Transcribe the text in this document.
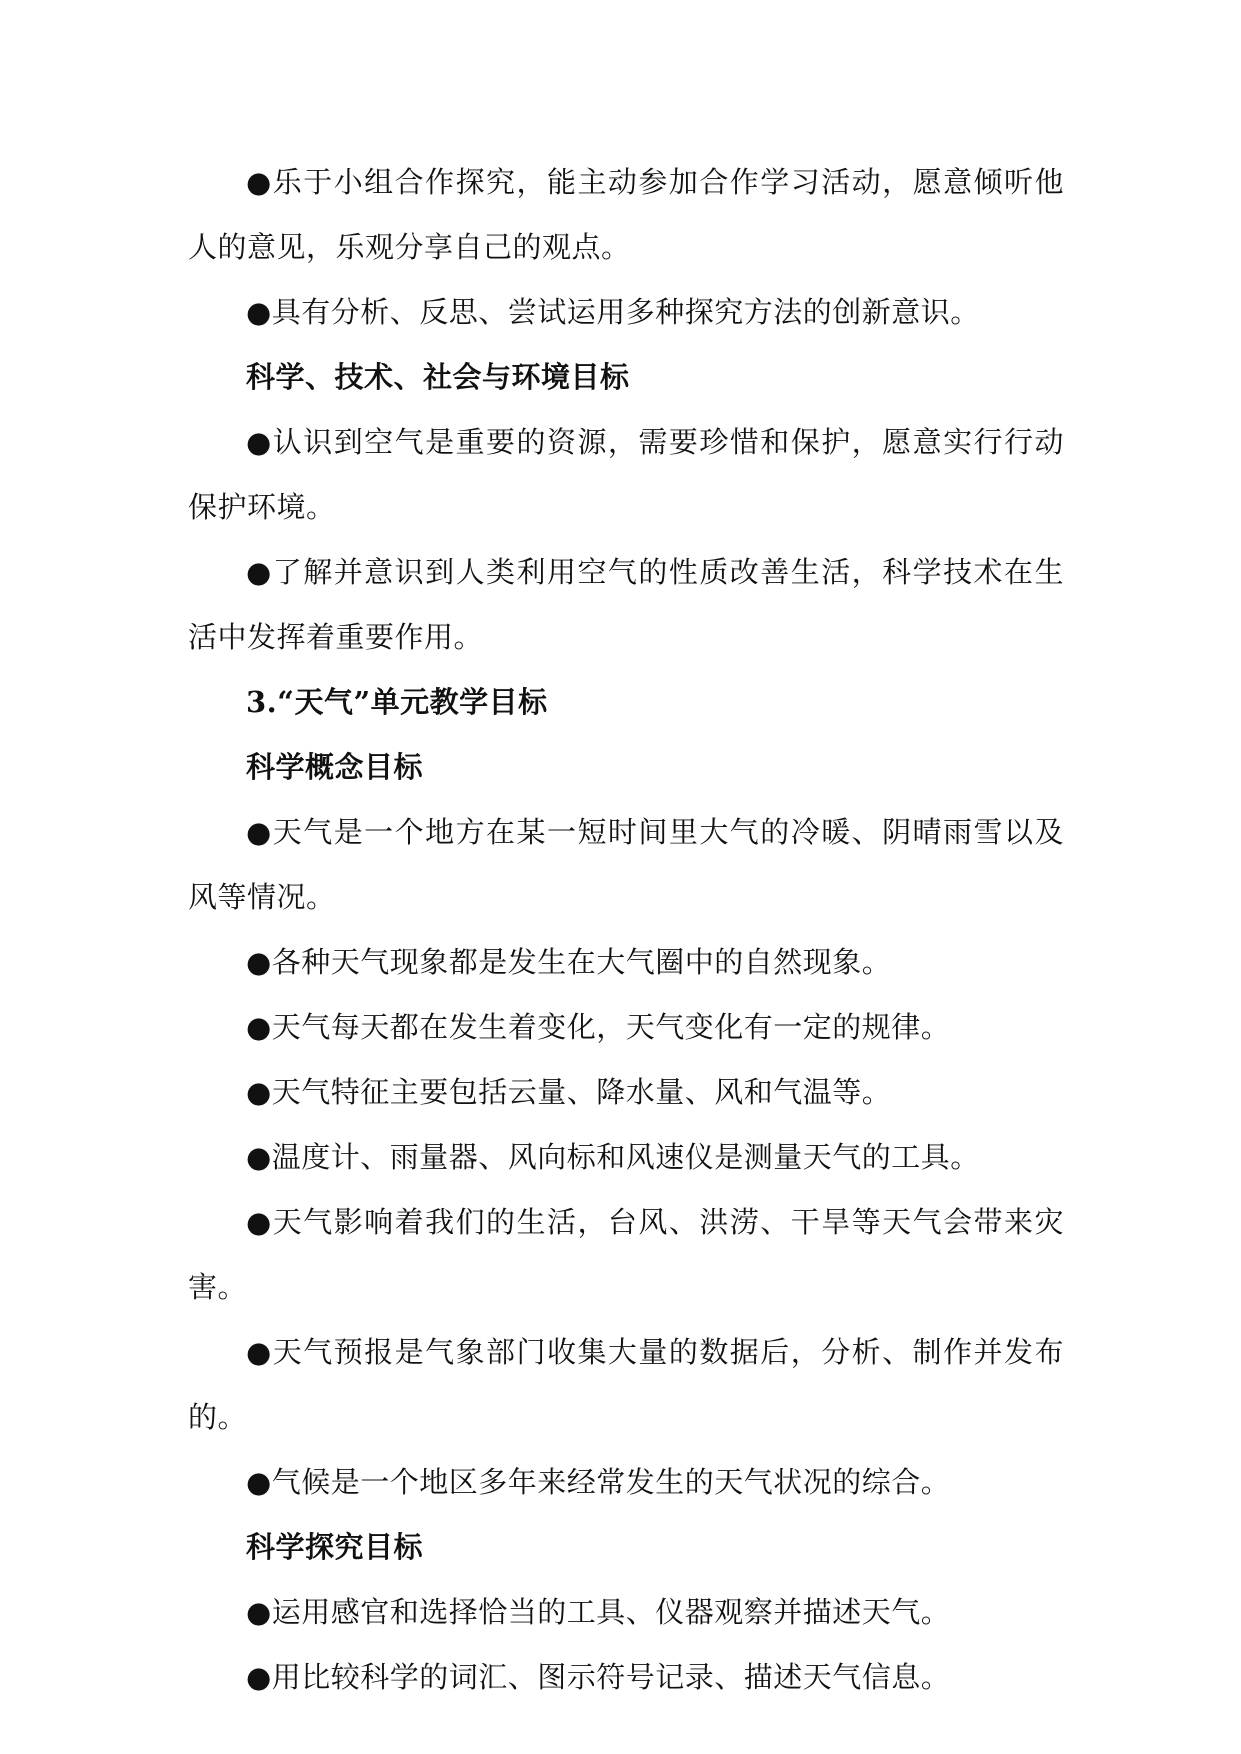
●乐于小组合作探究，能主动参加合作学习活动，愿意倾听他人的意见，乐观分享自己的观点。

●具有分析、反思、尝试运用多种探究方法的创新意识。

科学、技术、社会与环境目标

●认识到空气是重要的资源，需要珍惜和保护，愿意实行行动保护环境。

●了解并意识到人类利用空气的性质改善生活，科学技术在生活中发挥着重要作用。

3.“天气”单元教学目标

科学概念目标

●天气是一个地方在某一短时间里大气的冷暖、阴晴雨雪以及风等情况。

●各种天气现象都是发生在大气圈中的自然现象。

●天气每天都在发生着变化，天气变化有一定的规律。

●天气特征主要包括云量、降水量、风和气温等。

●温度计、雨量器、风向标和风速仪是测量天气的工具。

●天气影响着我们的生活，台风、洪涝、干旱等天气会带来灾害。

●天气预报是气象部门收集大量的数据后，分析、制作并发布的。

●气候是一个地区多年来经常发生的天气状况的综合。

科学探究目标

●运用感官和选择恰当的工具、仪器观察并描述天气。

●用比较科学的词汇、图示符号记录、描述天气信息。
